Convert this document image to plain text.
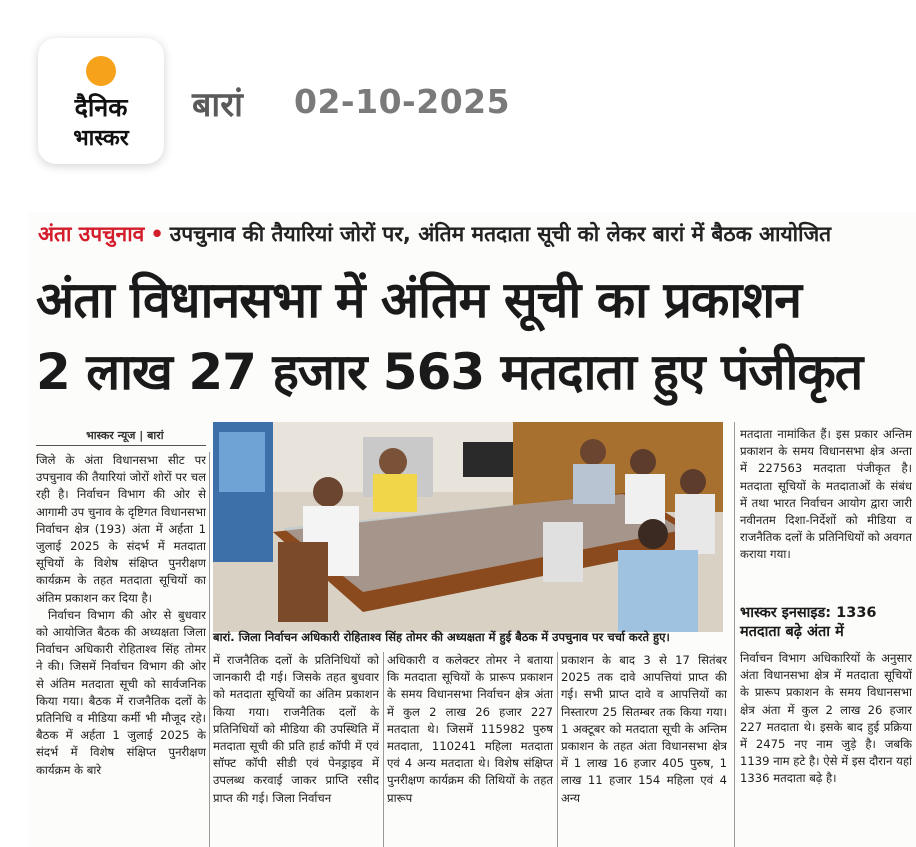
दैनिक
भास्कर
बारां 02-10-2025
अंता उपचुनाव • उपचुनाव की तैयारियां जोरों पर, अंतिम मतदाता सूची को लेकर बारां में बैठक आयोजित
अंता विधानसभा में अंतिम सूची का प्रकाशन
2 लाख 27 हजार 563 मतदाता हुए पंजीकृत
भास्कर न्यूज | बारां

जिले के अंता विधानसभा सीट पर उपचुनाव की तैयारियां जोरों शोरों पर चल रही है। निर्वाचन विभाग की ओर से आगामी उप चुनाव के दृष्टिगत विधानसभा निर्वाचन क्षेत्र (193) अंता में अर्हता 1 जुलाई 2025 के संदर्भ में मतदाता सूचियों के विशेष संक्षिप्त पुनरीक्षण कार्यक्रम के तहत मतदाता सूचियों का अंतिम प्रकाशन कर दिया है।

निर्वाचन विभाग की ओर से बुधवार को आयोजित बैठक की अध्यक्षता जिला निर्वाचन अधिकारी रोहिताश्व सिंह तोमर ने की। जिसमें निर्वाचन विभाग की ओर से अंतिम मतदाता सूची को सार्वजनिक किया गया। बैठक में राजनैतिक दलों के प्रतिनिधि व मीडिया कर्मी भी मौजूद रहे। बैठक में अर्हता 1 जुलाई 2025 के संदर्भ में विशेष संक्षिप्त पुनरीक्षण कार्यक्रम के बारे

बारां. जिला निर्वाचन अधिकारी रोहिताश्व सिंह तोमर की अध्यक्षता में हुई बैठक में उपचुनाव पर चर्चा करते हुए।
में राजनैतिक दलों के प्रतिनिधियों को जानकारी दी गई। जिसके तहत बुधवार को मतदाता सूचियों का अंतिम प्रकाशन किया गया। राजनैतिक दलों के प्रतिनिधियों को मीडिया की उपस्थिति में मतदाता सूची की प्रति हार्ड कॉपी में एवं सॉफ्ट कॉपी सीडी एवं पेनड्राइव में उपलब्ध करवाई जाकर प्राप्ति रसीद प्राप्त की गई। जिला निर्वाचन
अधिकारी व कलेक्टर तोमर ने बताया कि मतदाता सूचियों के प्रारूप प्रकाशन के समय विधानसभा निर्वाचन क्षेत्र अंता में कुल 2 लाख 26 हजार 227 मतदाता थे। जिसमें 115982 पुरुष मतदाता, 110241 महिला मतदाता एवं 4 अन्य मतदाता थे। विशेष संक्षिप्त पुनरीक्षण कार्यक्रम की तिथियों के तहत प्रारूप
प्रकाशन के बाद 3 से 17 सितंबर 2025 तक दावे आपत्तियां प्राप्त की गई। सभी प्राप्त दावे व आपत्तियों का निस्तारण 25 सितम्बर तक किया गया। 1 अक्टूबर को मतदाता सूची के अन्तिम प्रकाशन के तहत अंता विधानसभा क्षेत्र में 1 लाख 16 हजार 405 पुरुष, 1 लाख 11 हजार 154 महिला एवं 4 अन्य
मतदाता नामांकित हैं। इस प्रकार अन्तिम प्रकाशन के समय विधानसभा क्षेत्र अन्ता में 227563 मतदाता पंजीकृत है। मतदाता सूचियों के मतदाताओं के संबंध में तथा भारत निर्वाचन आयोग द्वारा जारी नवीनतम दिशा-निर्देशों को मीडिया व राजनैतिक दलों के प्रतिनिधियों को अवगत कराया गया।
भास्कर इनसाइड: 1336 मतदाता बढ़े अंता में
निर्वाचन विभाग अधिकारियों के अनुसार अंता विधानसभा क्षेत्र में मतदाता सूचियों के प्रारूप प्रकाशन के समय विधानसभा क्षेत्र अंता में कुल 2 लाख 26 हजार 227 मतदाता थे। इसके बाद हुई प्रक्रिया में 2475 नए नाम जुड़े है। जबकि 1139 नाम हटे है। ऐसे में इस दौरान यहां 1336 मतदाता बढ़े है।
